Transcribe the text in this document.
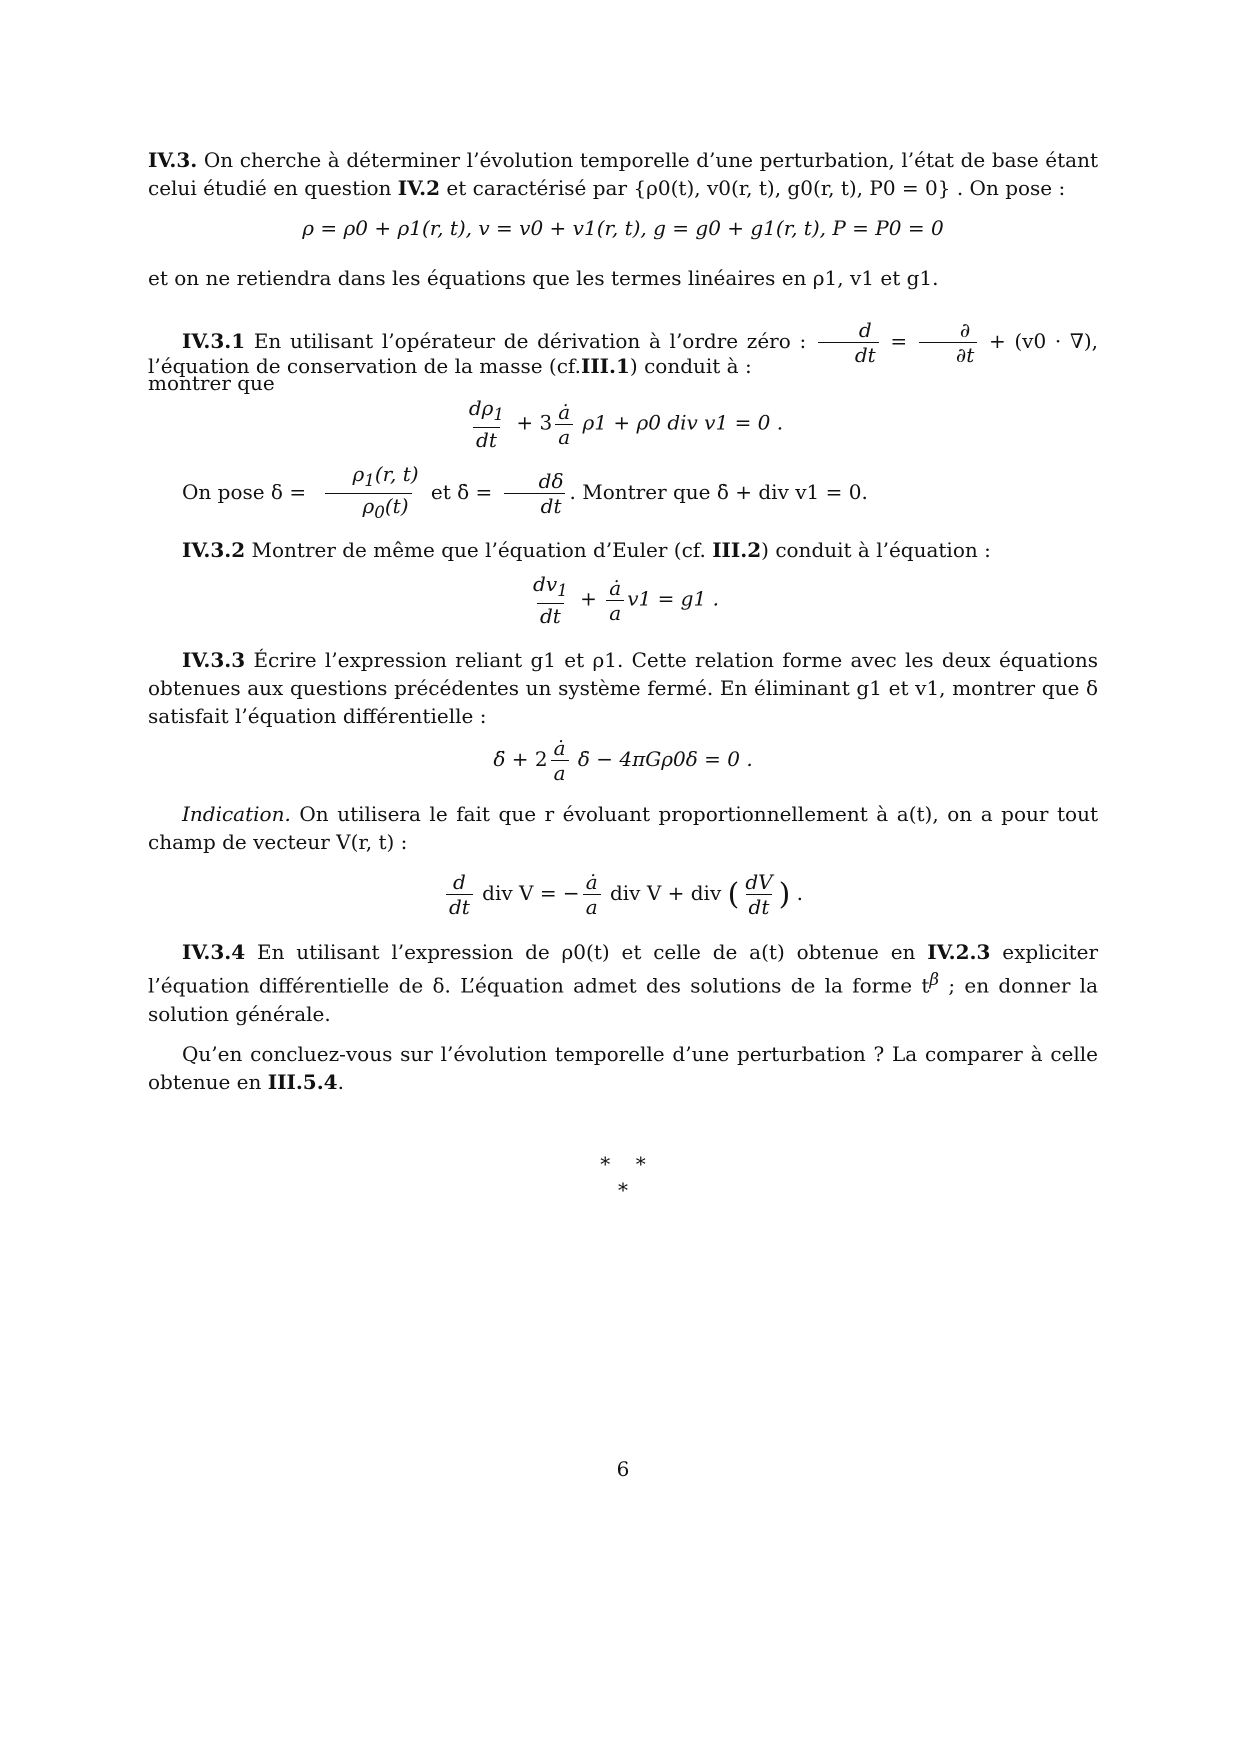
IV.3. On cherche à déterminer l’évolution temporelle d’une perturbation, l’état de base étant celui étudié en question IV.2 et caractérisé par {ρ0(t), v0(r, t), g0(r, t), P0 = 0} . On pose :

ρ = ρ0 + ρ1(r, t), v = v0 + v1(r, t), g = g0 + g1(r, t), P = P0 = 0

et on ne retiendra dans les équations que les termes linéaires en ρ1, v1 et g1.

IV.3.1 En utilisant l’opérateur de dérivation à l’ordre zéro : $\frac{d}{dt} = \frac{\partial}{\partial t} + (v0$ · ∇), montrer que

l’équation de conservation de la masse (cf.III.1) conduit à :

$\frac{d\rho_1}{dt} + 3 \frac{ȧ}{a} \rho 1 + \rho 0$ div v1 = 0 .

On pose $\delta = \frac{\rho_1(r, t)}{\rho_0(t)}$ et δ̇ = $\frac{d\delta}{dt}$ . Montrer que δ̇ + div v1 = 0.

IV.3.2 Montrer de même que l’équation d’Euler (cf. III.2) conduit à l’équation :

$\frac{dv_1}{dt} + \frac{ȧ}{a} v1 = g1$ .

IV.3.3 Écrire l’expression reliant g1 et ρ1. Cette relation forme avec les deux équations obtenues aux questions précédentes un système fermé. En éliminant g1 et v1, montrer que δ satisfait l’équation différentielle :

δ̈ + $2 \frac{ȧ}{a}$ δ̇ − 4πGρ0δ = 0 .

Indication. On utilisera le fait que r évoluant proportionnellement à a(t), on a pour tout champ de vecteur V(r, t) :

$\frac{d}{dt}$ div V = − $\frac{ȧ}{a}$ div V + div ( $\frac{dV}{dt}$ ) .

IV.3.4 En utilisant l’expression de ρ0(t) et celle de a(t) obtenue en IV.2.3 expliciter l’équation différentielle de δ. L’équation admet des solutions de la forme $t^\beta$ ; en donner la solution générale.

Qu’en concluez-vous sur l’évolution temporelle d’une perturbation ? La comparer à celle obtenue en III.5.4.

*    *
*
6
